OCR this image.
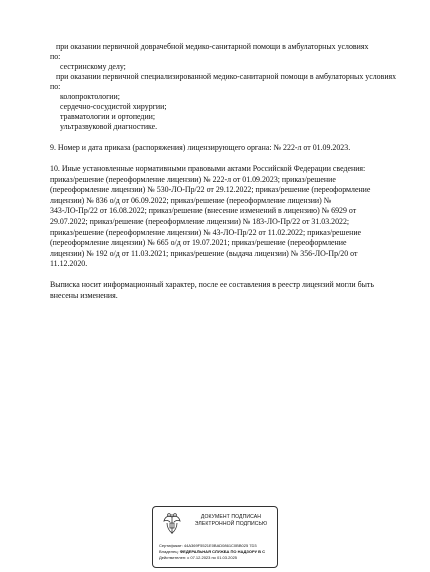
при оказании первичной доврачебной медико-санитарной помощи в амбулаторных условиях
по:
сестринскому делу;
при оказании первичной специализированной медико-санитарной помощи в амбулаторных условиях
по:
колопроктологии;
сердечно-сосудистой хирургии;
травматологии и ортопедии;
ультразвуковой диагностике.
9. Номер и дата приказа (распоряжения) лицензирующего органа: № 222-л от 01.09.2023.
10. Иные установленные нормативными правовыми актами Российской Федерации сведения:
приказ/решение (переоформление лицензии) № 222-л от 01.09.2023; приказ/решение
(переоформление лицензии) № 530-ЛО-Пр/22 от 29.12.2022; приказ/решение (переоформление
лицензии) № 836 о/д от 06.09.2022; приказ/решение (переоформление лицензии) №
343-ЛО-Пр/22 от 16.08.2022; приказ/решение (внесение изменений в лицензию) № 6929 от
29.07.2022; приказ/решение (переоформление лицензии) № 183-ЛО-Пр/22 от 31.03.2022;
приказ/решение (переоформление лицензии) № 43-ЛО-Пр/22 от 11.02.2022; приказ/решение
(переоформление лицензии) № 665 о/д от 19.07.2021; приказ/решение (переоформление
лицензии) № 192 о/д от 11.03.2021; приказ/решение (выдача лицензии) № 356-ЛО-Пр/20 от
11.12.2020.
Выписка носит информационный характер, после ее составления в реестр лицензий могли быть
внесены изменения.
ДОКУМЕНТ ПОДПИСАН
ЭЛЕКТРОННОЙ ПОДПИСЬЮ
Сертификат: 44A369F5521E0BAD0861C0BB025 7D3
Владелец: ФЕДЕРАЛЬНАЯ СЛУЖБА ПО НАДЗОРУ В С
Действителен: с 07.12.2023 по 01.03.2025
